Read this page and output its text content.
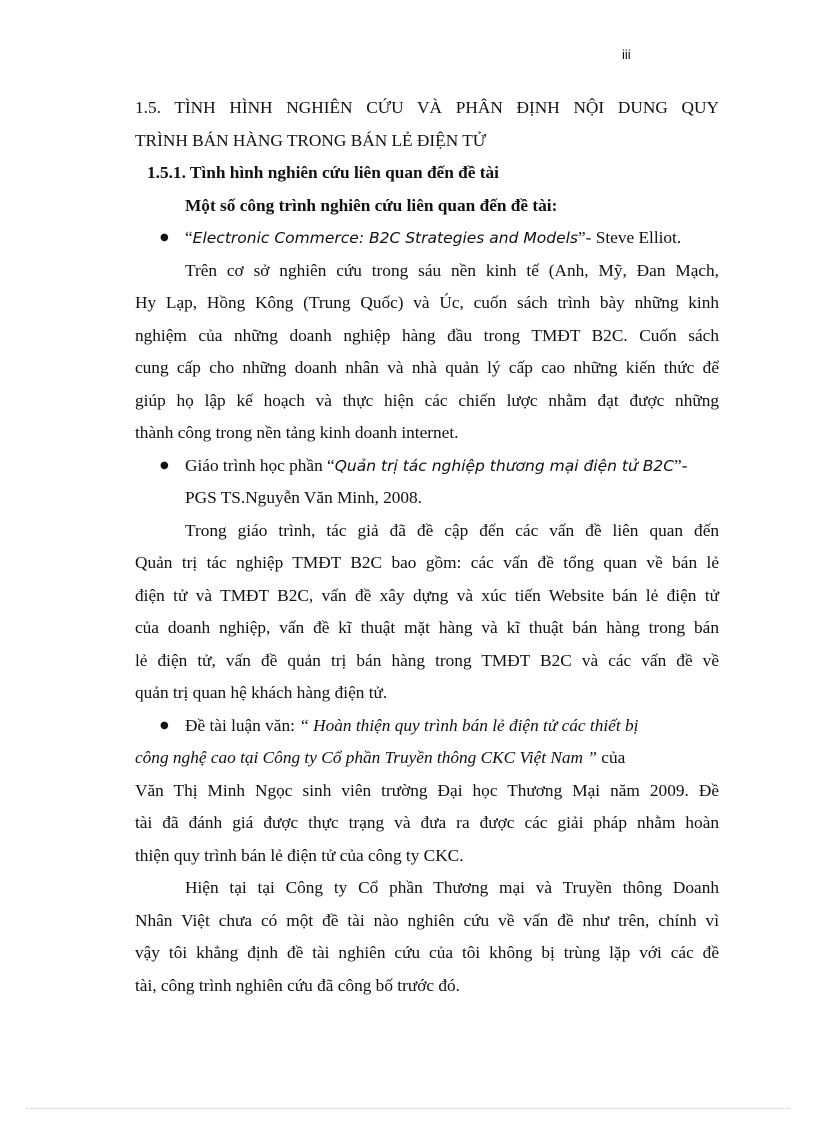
iii
1.5. TÌNH HÌNH NGHIÊN CỨU VÀ PHÂN ĐỊNH NỘI DUNG QUY
TRÌNH BÁN HÀNG TRONG BÁN LẺ ĐIỆN TỬ
1.5.1. Tình hình nghiên cứu liên quan đến đề tài
Một số công trình nghiên cứu liên quan đến đề tài:
● “Electronic Commerce: B2C Strategies and Models”- Steve Elliot.
Trên cơ sở nghiên cứu trong sáu nền kinh tế (Anh, Mỹ, Đan Mạch,
Hy Lạp, Hồng Kông (Trung Quốc) và Úc, cuốn sách trình bày những kinh
nghiệm của những doanh nghiệp hàng đầu trong TMĐT B2C. Cuốn sách
cung cấp cho những doanh nhân và nhà quản lý cấp cao những kiến thức để
giúp họ lập kế hoạch và thực hiện các chiến lược nhằm đạt được những
thành công trong nền tảng kinh doanh internet.
● Giáo trình học phần “Quản trị tác nghiệp thương mại điện tử B2C”-
PGS TS.Nguyễn Văn Minh, 2008.
Trong giáo trình, tác giả đã đề cập đến các vấn đề liên quan đến
Quản trị tác nghiệp TMĐT B2C bao gồm: các vấn đề tổng quan về bán lẻ
điện tử và TMĐT B2C, vấn đề xây dựng và xúc tiến Website bán lẻ điện tử
của doanh nghiệp, vấn đề kĩ thuật mặt hàng và kĩ thuật bán hàng trong bán
lẻ điện tử, vấn đề quản trị bán hàng trong TMĐT B2C và các vấn đề về
quản trị quan hệ khách hàng điện tử.
● Đề tài luận văn: “ Hoàn thiện quy trình bán lẻ điện tử các thiết bị
công nghệ cao tại Công ty Cổ phần Truyền thông CKC Việt Nam ” của
Văn Thị Minh Ngọc sinh viên trường Đại học Thương Mại năm 2009. Đề
tài đã đánh giá được thực trạng và đưa ra được các giải pháp nhằm hoàn
thiện quy trình bán lẻ điện tử của công ty CKC.
Hiện tại tại Công ty Cổ phần Thương mại và Truyền thông Doanh
Nhân Việt chưa có một đề tài nào nghiên cứu về vấn đề như trên, chính vì
vậy tôi khẳng định đề tài nghiên cứu của tôi không bị trùng lặp với các đề
tài, công trình nghiên cứu đã công bố trước đó.
